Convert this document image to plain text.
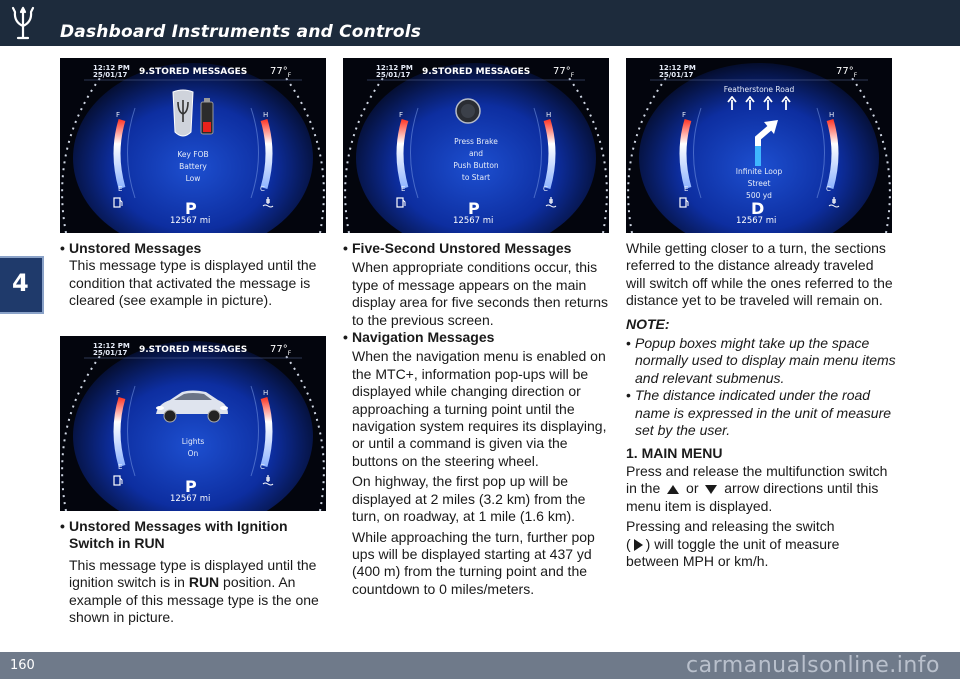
Dashboard Instruments and Controls
4
12:12 PM
25/01/17 9.STORED MESSAGES $77^\circ_F$
Key FOB
Battery
Low
F	H
E	C
P
12567 mi
12:12 PM
25/01/17 9.STORED MESSAGES $77^\circ_F$
Press Brake
and
Push Button
to Start
F	H
E	C
P
12567 mi
12:12 PM
25/01/17	$77^\circ_F$
Featherstone Road
Infinite Loop
Street
500 yd
F	H
E	C
D
12567 mi
12:12 PM
25/01/17 9.STORED MESSAGES $77^\circ_F$
Lights
On
F	H
E	C
P
12567 mi

• Unstored Messages

This message type is displayed until the condition that activated the message is cleared (see example in picture).

• Unstored Messages with Ignition Switch in RUN

This message type is displayed until the ignition switch is in RUN position. An example of this message type is the one shown in picture.

• Five-Second Unstored Messages

When appropriate conditions occur, this type of message appears on the main display area for five seconds then returns to the previous screen.

• Navigation Messages

When the navigation menu is enabled on the MTC+, information pop-ups will be displayed while changing direction or approaching a turning point until the navigation system requires its displaying, or until a command is given via the buttons on the steering wheel.

On highway, the first pop up will be displayed at 2 miles (3.2 km) from the turn, on roadway, at 1 mile (1.6 km).

While approaching the turn, further pop ups will be displayed starting at 437 yd (400 m) from the turning point and the countdown to 0 miles/meters.

While getting closer to a turn, the sections referred to the distance already traveled will switch off while the ones referred to the distance yet to be traveled will remain on.

NOTE:

• Popup boxes might take up the space normally used to display main menu items and relevant submenus.

• The distance indicated under the road name is expressed in the unit of measure set by the user.

1. MAIN MENU

Press and release the multifunction switch in the or arrow directions until this menu item is displayed.

Pressing and releasing the switch
( ) will toggle the unit of measure between MPH or km/h.

160	carmanualsonline.info
